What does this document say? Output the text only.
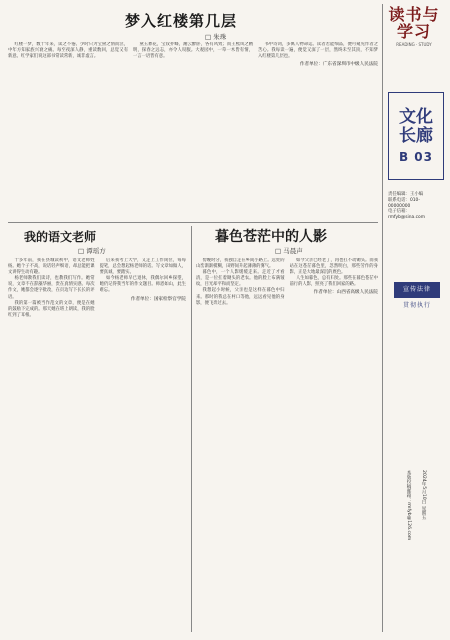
梦入红楼第几层
□ 朱珠

红楼一梦，数十年来，读之不倦。少时只为宝黛之情而泣，中年方知家族兴衰之痛。每至夜深人静，重读数回，总觉又有新意。红学家们说这部书常读常新，诚非虚言。

黛玉葬花，宝钗扑蝶，湘云醉卧，各有风致；而王熙凤之精明，探春之远志，亦令人叹服。大观园中，一草一木皆有情，一言一语皆有意。

书中诗词，多寓人物命运。读者若能细品，便可窥见作者之苦心。我每读一遍，便觉又深了一层，然终未至其顶，不知梦入红楼第几层也。

作者单位：广东省深圳市中级人民法院
我的语文老师
□ 谭瑶方

十多年前，我在县城读初中，语文老师姓杨。她个子不高，说话轻声细语，却总能把课文讲得生动有趣。

杨老师教我们读诗，也教我们写作。她常说，文章不在辞藻华丽，贵在真情实感。每次作文，她都会逐字批改，在页边写下长长的评语。

我的第一篇被当作范文的文章，便是在她的鼓励下完成的。那天她在班上朗读，我的脸红到了耳根。

后来我考上大学，又走上工作岗位，每每提笔，总会想起杨老师的话。写文章如做人，要真诚，要踏实。

如今杨老师早已退休，我偶尔回乡探望，她仍记得我当年的作文题目。师恩如山，此生难忘。

作者单位：国家检察官学院
暮色苍茫中的人影
□ 马晨声

傍晚时分，我独自走在乡间小路上。远处的山峦渐渐模糊，田野间升起薄薄的雾气。

暮色中，一个人影缓缓走来。走近了才看清，是一位扛着锄头的老农。他的脸上布满皱纹，目光却平和而坚定。

我想起小时候，父亲也是这样在暮色中归来。那时的我总在村口等他，远远看见他的身影，便飞奔过去。

如今父亲已经老了，再也扛不动锄头。而我站在这苍茫暮色里，忽然明白，那些劳作的身影，正是大地最深沉的底色。

人生如暮色，总有归处。那些在暮色苍茫中前行的人影，照亮了我们回家的路。

作者单位：山西省高级人民法院
读书与学习
READING · STUDY
文化长廊
B 03
责任编辑：王小编
联系电话：010-00000000
电子信箱：rmfyb@sina.com
宣传法律
贯彻执行
2024年5月10日 星期五
本版投稿邮箱：rmfyb@126.com
